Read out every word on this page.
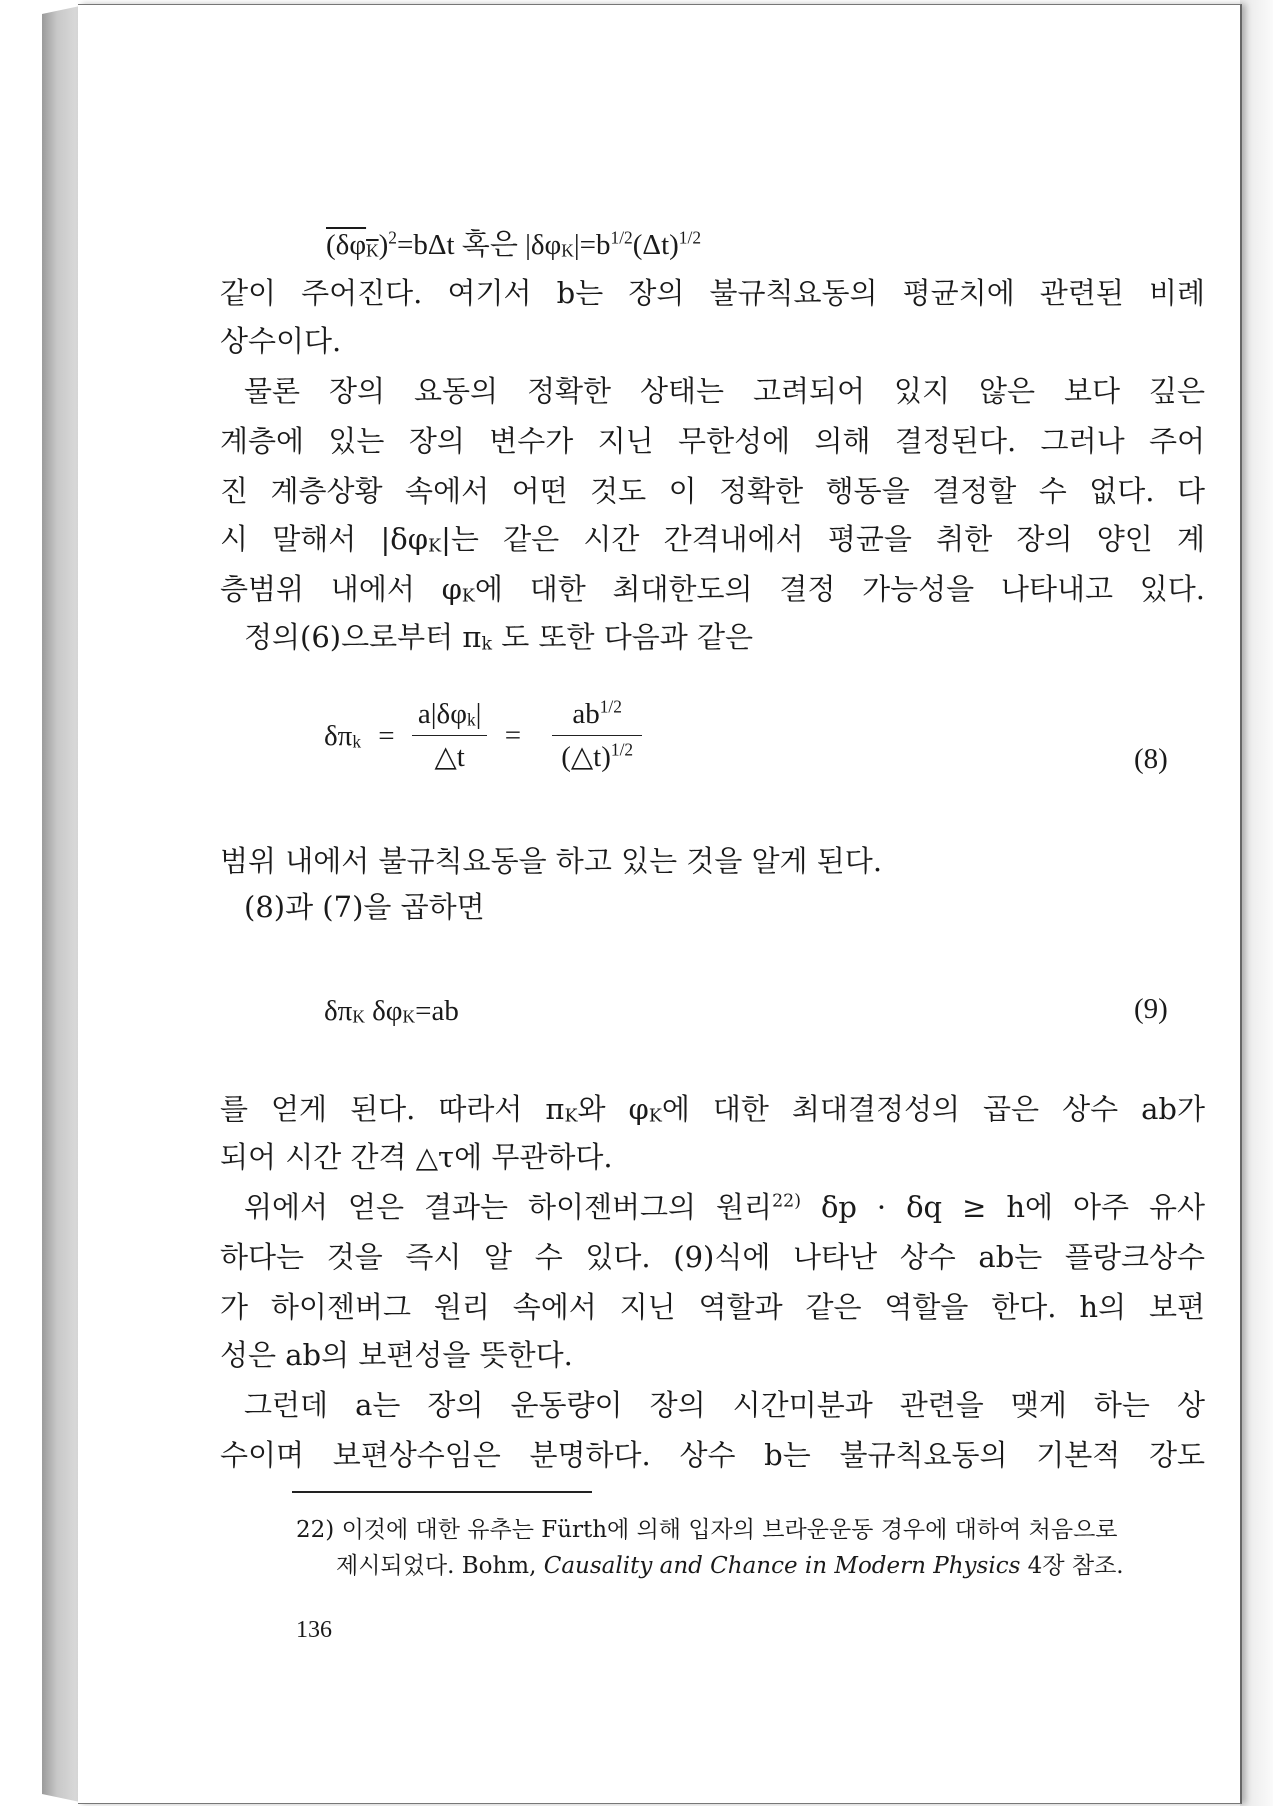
$(\delta\varphi_K)^2=b\Delta t$ 혹은 $|\delta\varphi_K|=b^{1/2}(\Delta t)^{1/2}$
같이 주어진다. 여기서 b는 장의 불규칙요동의 평균치에 관련된 비례
상수이다.
물론 장의 요동의 정확한 상태는 고려되어 있지 않은 보다 깊은
계층에 있는 장의 변수가 지닌 무한성에 의해 결정된다. 그러나 주어
진 계층상황 속에서 어떤 것도 이 정확한 행동을 결정할 수 없다. 다
시 말해서 $|\delta\varphi_K|$는 같은 시간 간격내에서 평균을 취한 장의 양인 계
층범위 내에서 $\varphi_K$에 대한 최대한도의 결정 가능성을 나타내고 있다.
정의(6)으로부터 $\pi_k$ 도 또한 다음과 같은
$\delta\pi_k = \frac{a|\delta\varphi_k|}{\triangle t} = \frac{ab^{1/2}}{(\triangle t)^{1/2}}$	(8)
범위 내에서 불규칙요동을 하고 있는 것을 알게 된다.
(8)과 (7)을 곱하면
$\delta\pi_K$ $\delta\varphi_K=ab$	(9)
를 얻게 된다. 따라서 $\pi_K$와 $\varphi_K$에 대한 최대결정성의 곱은 상수 ab가
되어 시간 간격 △τ에 무관하다.
위에서 얻은 결과는 하이젠버그의 원리$^{22)}$ δp · δq ≥ h에 아주 유사
하다는 것을 즉시 알 수 있다. (9)식에 나타난 상수 ab는 플랑크상수
가 하이젠버그 원리 속에서 지닌 역할과 같은 역할을 한다. h의 보편
성은 ab의 보편성을 뜻한다.
그런데 a는 장의 운동량이 장의 시간미분과 관련을 맺게 하는 상
수이며 보편상수임은 분명하다. 상수 b는 불규칙요동의 기본적 강도
22) 이것에 대한 유추는 Fürth에 의해 입자의 브라운운동 경우에 대하여 처음으로
제시되었다. Bohm, Causality and Chance in Modern Physics 4장 참조.
136
